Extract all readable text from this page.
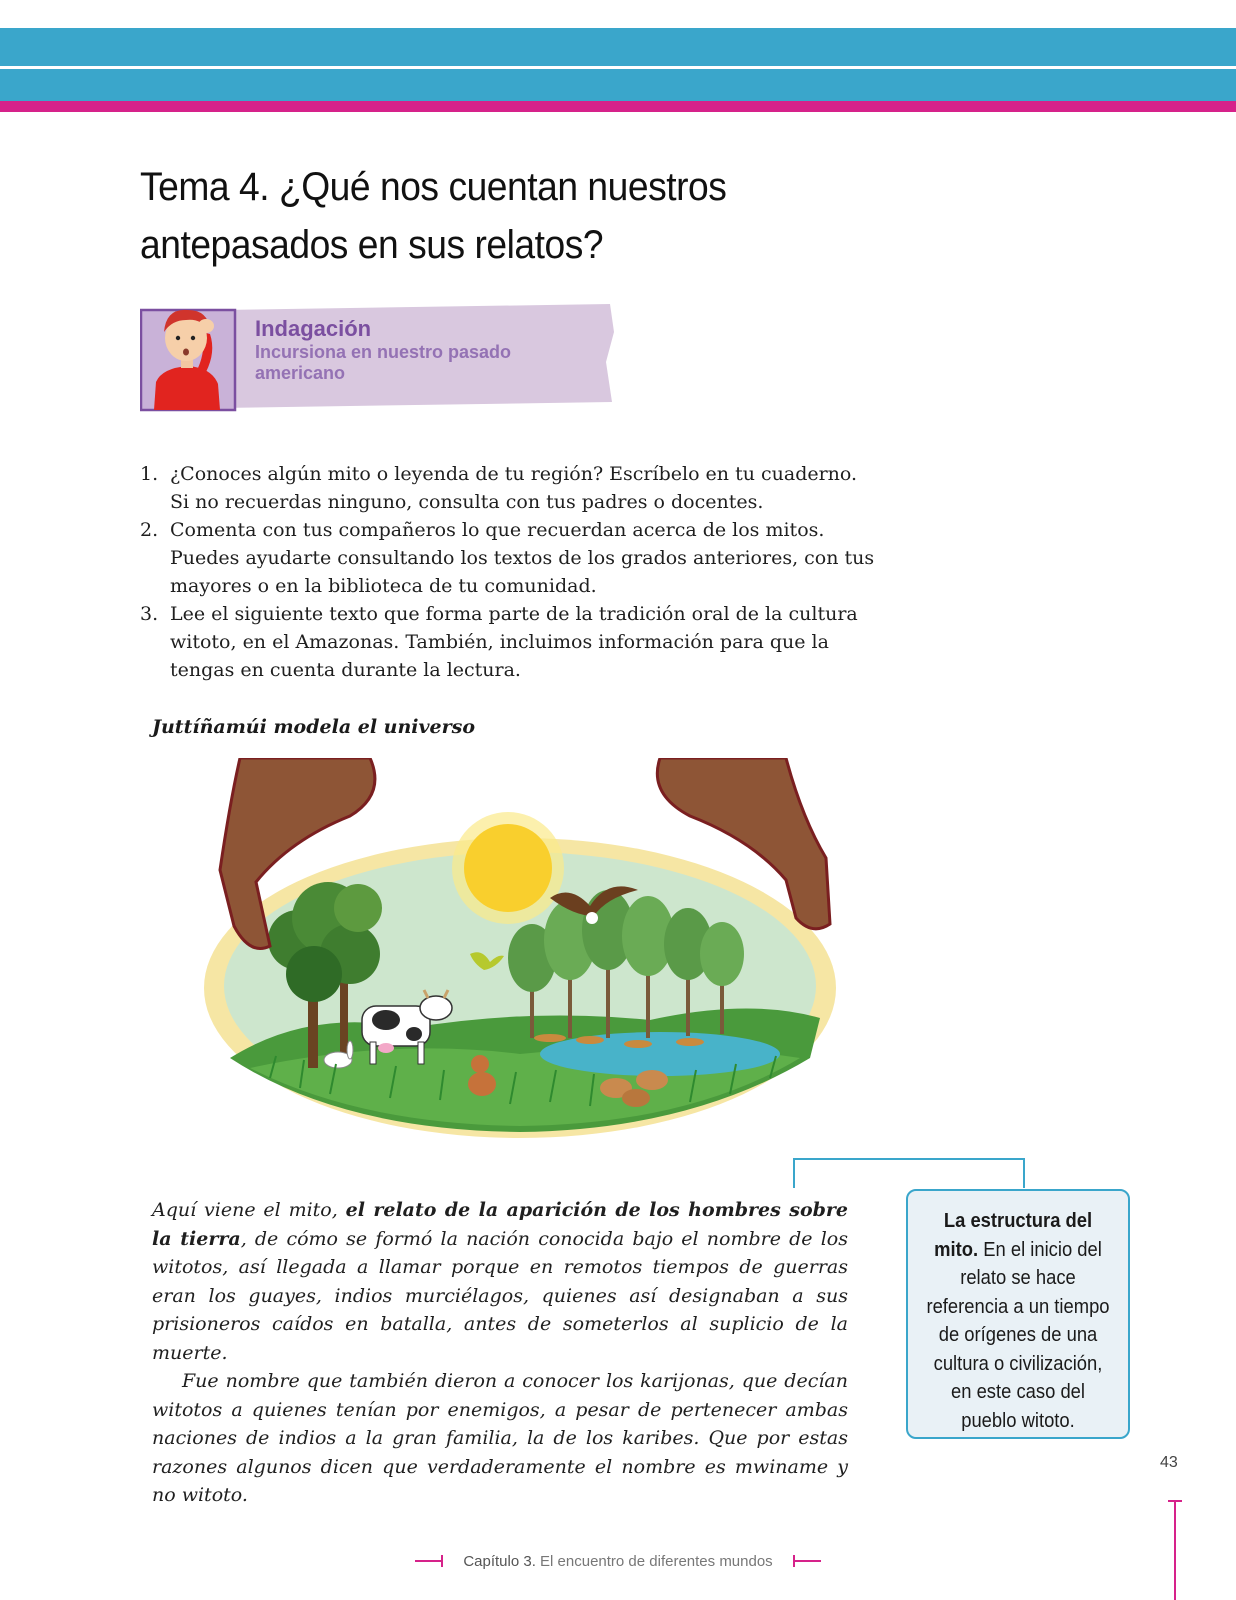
Tema 4. ¿Qué nos cuentan nuestros
antepasados en sus relatos?
Indagación
Incursiona en nuestro pasado americano
1. ¿Conoces algún mito o leyenda de tu región? Escríbelo en tu cuaderno. Si no recuerdas ninguno, consulta con tus padres o docentes.
2. Comenta con tus compañeros lo que recuerdan acerca de los mitos. Puedes ayudarte consultando los textos de los grados anteriores, con tus mayores o en la biblioteca de tu comunidad.
3. Lee el siguiente texto que forma parte de la tradición oral de la cultura witoto, en el Amazonas. También, incluimos información para que la tengas en cuenta durante la lectura.
Juttíñamúi modela el universo

Aquí viene el mito, el relato de la aparición de los hombres sobre la tierra, de cómo se formó la nación conocida bajo el nombre de los witotos, así llegada a llamar porque en remotos tiempos de guerras eran los guayes, indios murciélagos, quienes así designaban a sus prisioneros caídos en batalla, antes de someterlos al suplicio de la muerte.

Fue nombre que también dieron a conocer los karijonas, que decían witotos a quienes tenían por enemigos, a pesar de pertenecer ambas naciones de indios a la gran familia, la de los karibes. Que por estas razones algunos dicen que verdaderamente el nombre es mwiname y no witoto.

La estructura del mito. En el inicio del relato se hace referencia a un tiempo de orígenes de una cultura o civilización, en este caso del pueblo witoto.
43
Capítulo 3. El encuentro de diferentes mundos
